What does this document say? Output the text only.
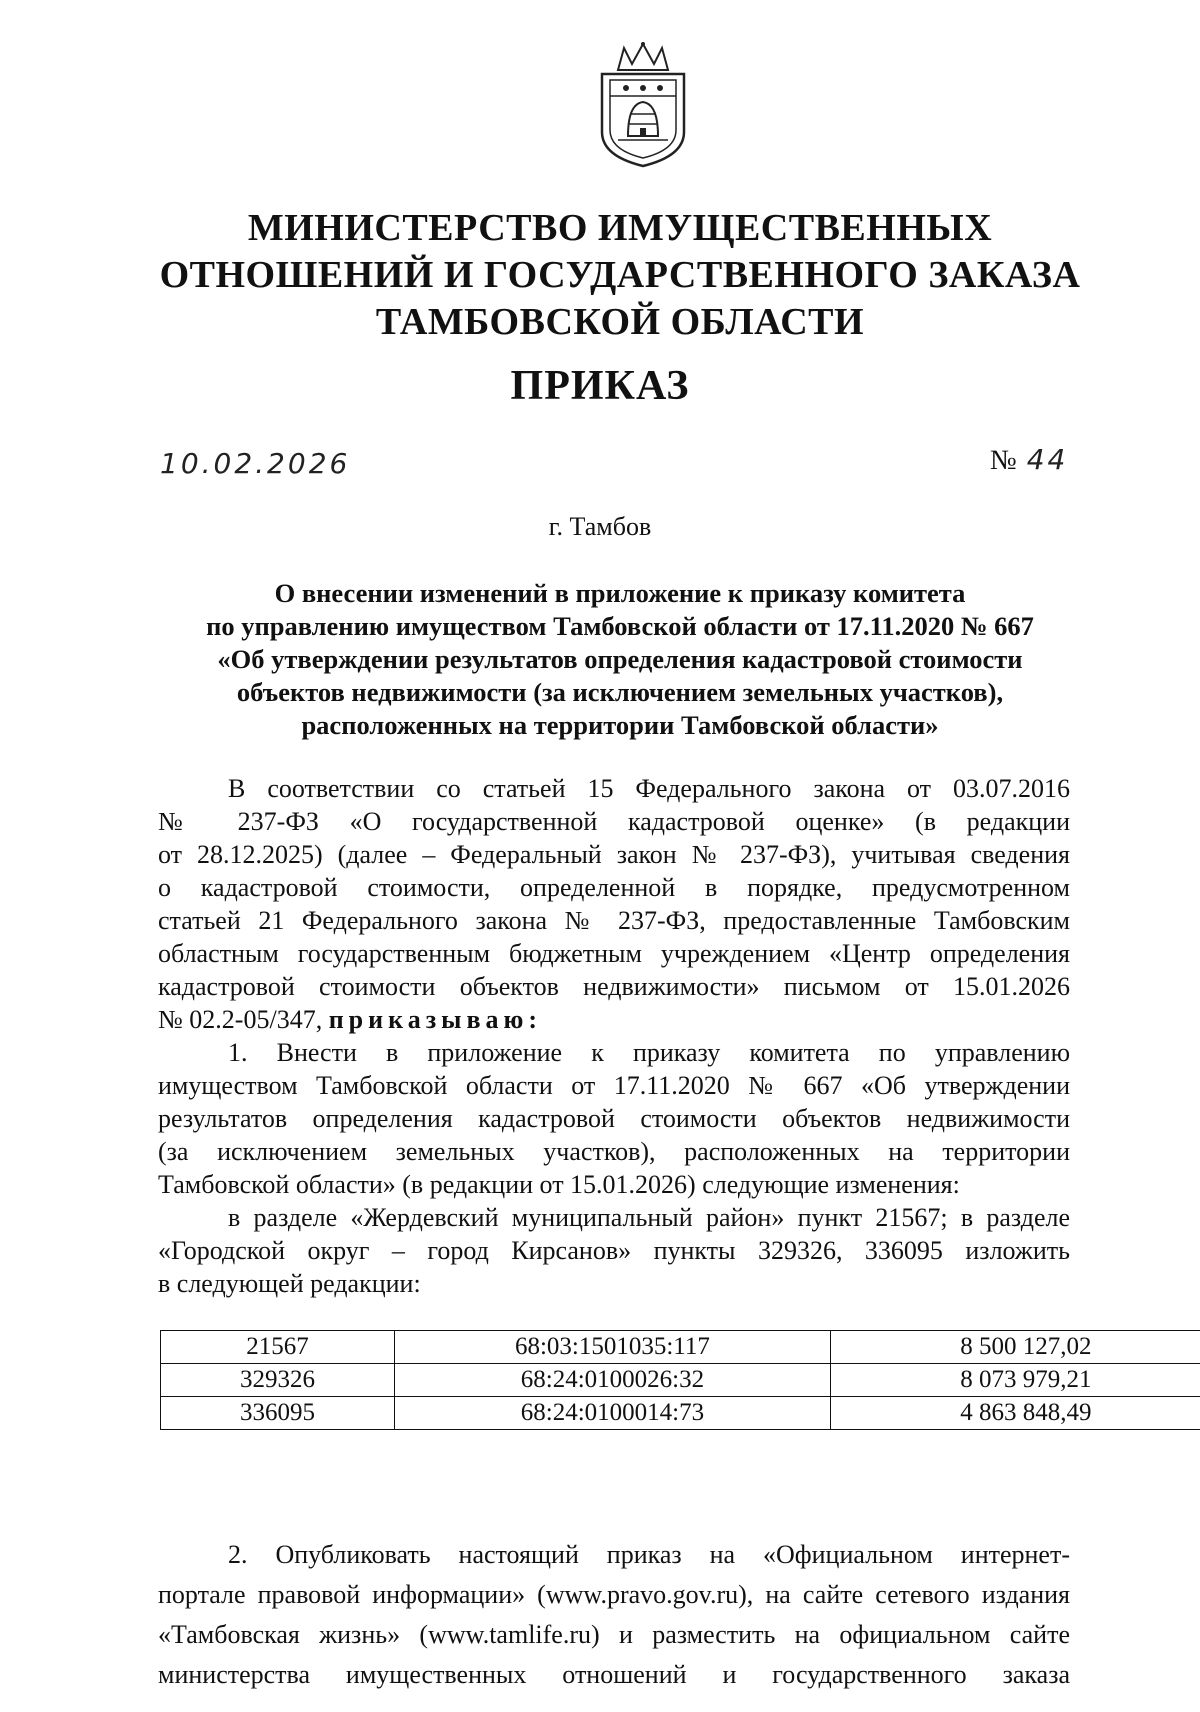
МИНИСТЕРСТВО ИМУЩЕСТВЕННЫХ
ОТНОШЕНИЙ И ГОСУДАРСТВЕННОГО ЗАКАЗА
ТАМБОВСКОЙ ОБЛАСТИ
ПРИКАЗ
10.02.2026	№ 44
г. Тамбов
О внесении изменений в приложение к приказу комитета
по управлению имуществом Тамбовской области от 17.11.2020 № 667
«Об утверждении результатов определения кадастровой стоимости
объектов недвижимости (за исключением земельных участков),
расположенных на территории Тамбовской области»
В соответствии со статьей 15 Федерального закона от 03.07.2016
№ 237-ФЗ «О государственной кадастровой оценке» (в редакции
от 28.12.2025) (далее – Федеральный закон № 237-ФЗ), учитывая сведения
о кадастровой стоимости, определенной в порядке, предусмотренном
статьей 21 Федерального закона № 237-ФЗ, предоставленные Тамбовским
областным государственным бюджетным учреждением «Центр определения
кадастровой стоимости объектов недвижимости» письмом от 15.01.2026
№ 02.2-05/347, приказываю:
1. Внести в приложение к приказу комитета по управлению
имуществом Тамбовской области от 17.11.2020 № 667 «Об утверждении
результатов определения кадастровой стоимости объектов недвижимости
(за исключением земельных участков), расположенных на территории
Тамбовской области» (в редакции от 15.01.2026) следующие изменения:
в разделе «Жердевский муниципальный район» пункт 21567; в разделе
«Городской округ – город Кирсанов» пункты 329326, 336095 изложить
в следующей редакции:
21567	68:03:1501035:117	8 500 127,02
329326	68:24:0100026:32	8 073 979,21
336095	68:24:0100014:73	4 863 848,49
2. Опубликовать настоящий приказ на «Официальном интернет-
портале правовой информации» (www.pravo.gov.ru), на сайте сетевого издания
«Тамбовская жизнь» (www.tamlife.ru) и разместить на официальном сайте
министерства имущественных отношений и государственного заказа
